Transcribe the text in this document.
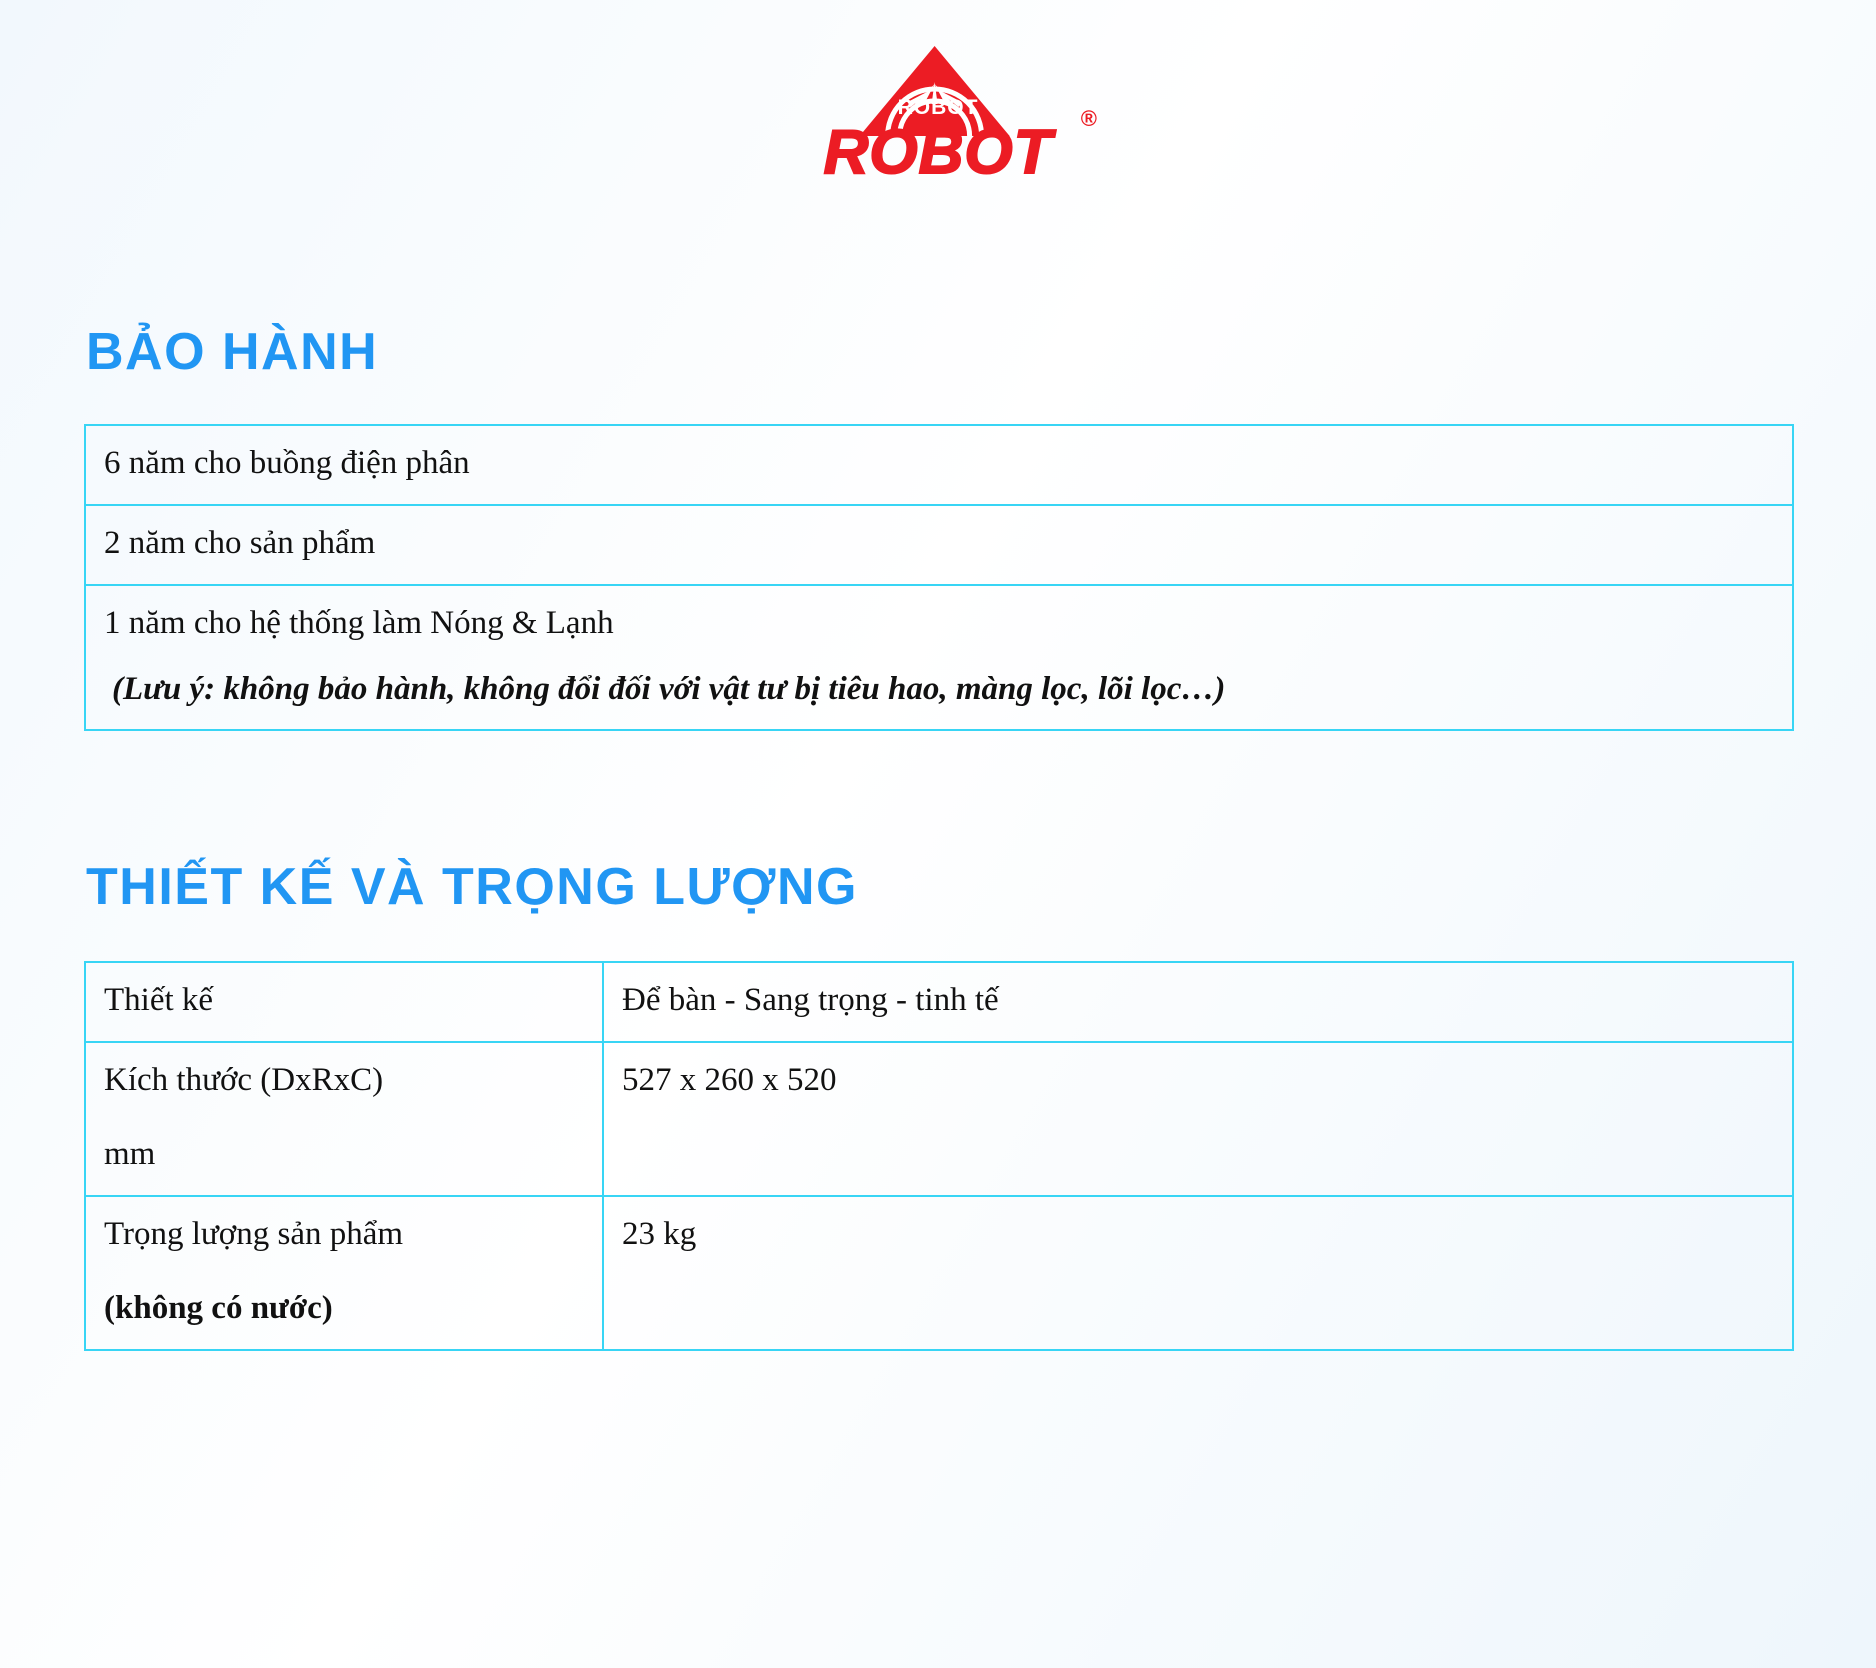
ROBOT
ROBOT	®
BẢO HÀNH
6 năm cho buồng điện phân
2 năm cho sản phẩm
1 năm cho hệ thống làm Nóng & Lạnh
(Lưu ý: không bảo hành, không đổi đối với vật tư bị tiêu hao, màng lọc, lõi lọc…)
THIẾT KẾ VÀ TRỌNG LƯỢNG
Thiết kế	Để bàn - Sang trọng - tinh tế
Kích thước (DxRxC)
mm	527 x 260 x 520
Trọng lượng sản phẩm
(không có nước)	23 kg
